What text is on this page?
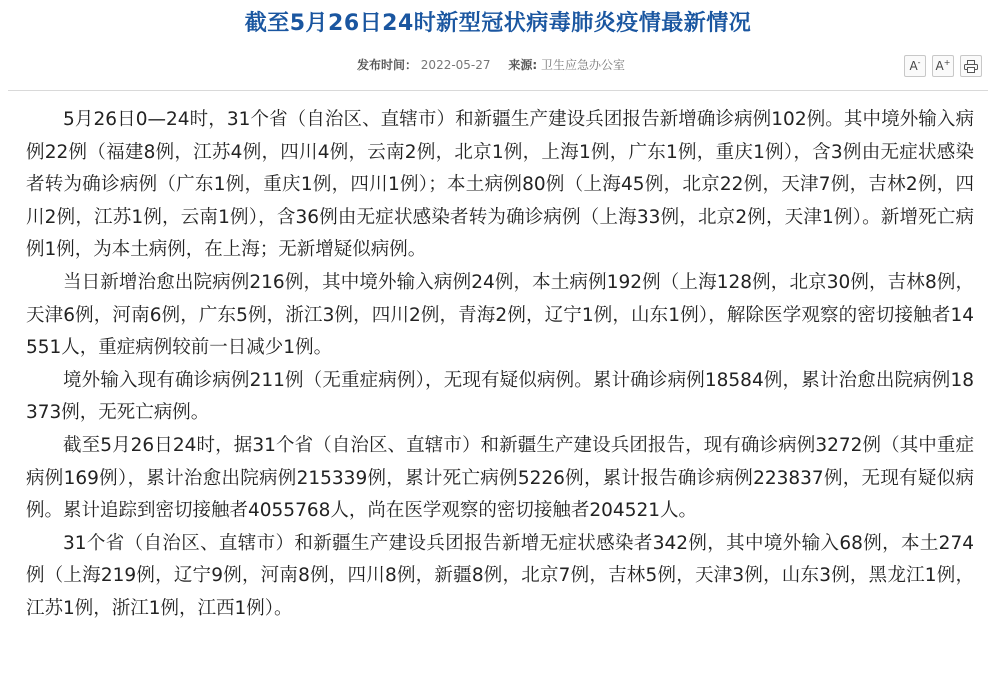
截至5月26日24时新型冠状病毒肺炎疫情最新情况
发布时间： 2022-05-27 来源: 卫生应急办公室	A- A+

5月26日0—24时，31个省（自治区、直辖市）和新疆生产建设兵团报告新增确诊病例102例。其中境外输入病例22例（福建8例，江苏4例，四川4例，云南2例，北京1例，上海1例，广东1例，重庆1例），含3例由无症状感染者转为确诊病例（广东1例，重庆1例，四川1例）；本土病例80例（上海45例，北京22例，天津7例，吉林2例，四川2例，江苏1例，云南1例），含36例由无症状感染者转为确诊病例（上海33例，北京2例，天津1例）。新增死亡病例1例，为本土病例，在上海；无新增疑似病例。

当日新增治愈出院病例216例，其中境外输入病例24例，本土病例192例（上海128例，北京30例，吉林8例，天津6例，河南6例，广东5例，浙江3例，四川2例，青海2例，辽宁1例，山东1例），解除医学观察的密切接触者14551人，重症病例较前一日减少1例。

境外输入现有确诊病例211例（无重症病例），无现有疑似病例。累计确诊病例18584例，累计治愈出院病例18373例，无死亡病例。

截至5月26日24时，据31个省（自治区、直辖市）和新疆生产建设兵团报告，现有确诊病例3272例（其中重症病例169例），累计治愈出院病例215339例，累计死亡病例5226例，累计报告确诊病例223837例，无现有疑似病例。累计追踪到密切接触者4055768人，尚在医学观察的密切接触者204521人。

31个省（自治区、直辖市）和新疆生产建设兵团报告新增无症状感染者342例，其中境外输入68例，本土274例（上海219例，辽宁9例，河南8例，四川8例，新疆8例，北京7例，吉林5例，天津3例，山东3例，黑龙江1例，江苏1例，浙江1例，江西1例）。
